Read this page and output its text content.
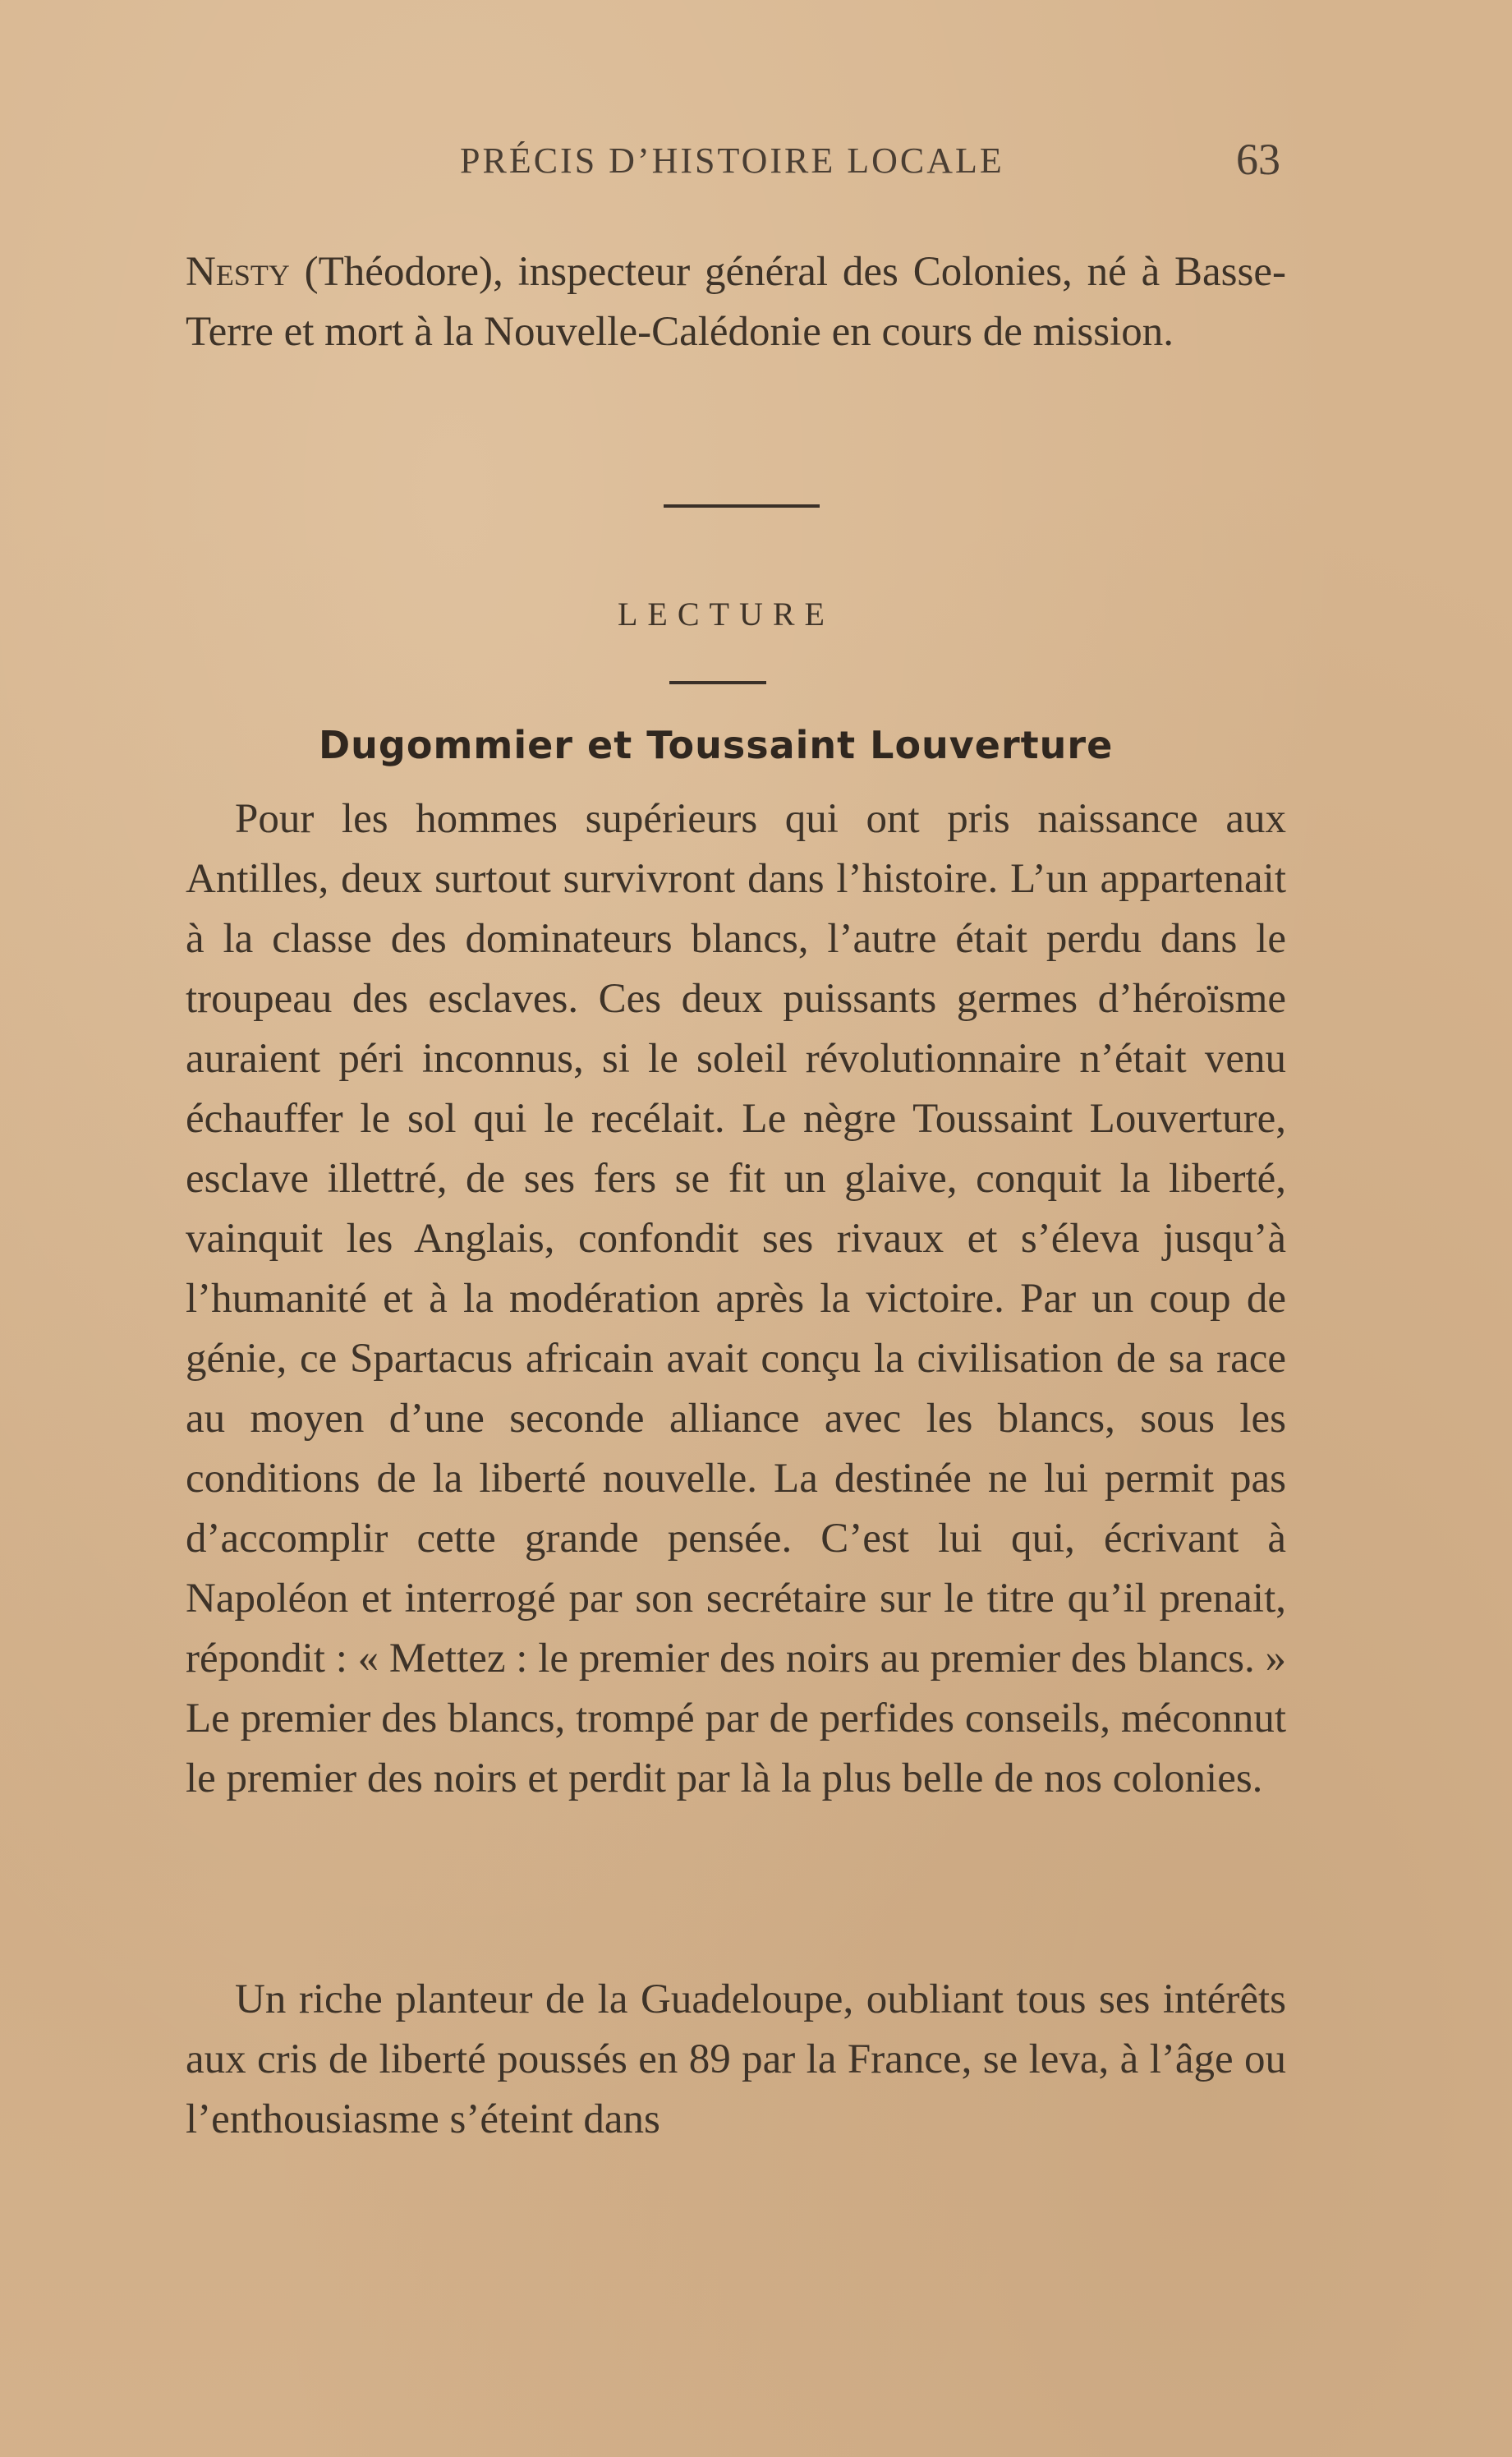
PRÉCIS D’HISTOIRE LOCALE	63

Nesty (Théodore), inspecteur général des Colonies, né à Basse-Terre et mort à la Nouvelle-Calédonie en cours de mission.

LECTURE
Dugommier et Toussaint Louverture

Pour les hommes supérieurs qui ont pris naissance aux Antilles, deux surtout survivront dans l’histoire. L’un appartenait à la classe des dominateurs blancs, l’autre était perdu dans le troupeau des esclaves. Ces deux puissants germes d’héroïsme auraient péri inconnus, si le soleil révolutionnaire n’était venu échauffer le sol qui le recélait. Le nègre Toussaint Louverture, esclave illettré, de ses fers se fit un glaive, conquit la liberté, vainquit les Anglais, confondit ses rivaux et s’éleva jusqu’à l’humanité et à la modération après la victoire. Par un coup de génie, ce Spartacus africain avait conçu la civilisation de sa race au moyen d’une seconde alliance avec les blancs, sous les conditions de la liberté nouvelle. La destinée ne lui permit pas d’accomplir cette grande pensée. C’est lui qui, écrivant à Napoléon et interrogé par son secrétaire sur le titre qu’il prenait, répondit : « Mettez : le premier des noirs au premier des blancs. » Le premier des blancs, trompé par de perfides conseils, méconnut le premier des noirs et perdit par là la plus belle de nos colonies.

Un riche planteur de la Guadeloupe, oubliant tous ses intérêts aux cris de liberté poussés en 89 par la France, se leva, à l’âge ou l’enthousiasme s’éteint dans
